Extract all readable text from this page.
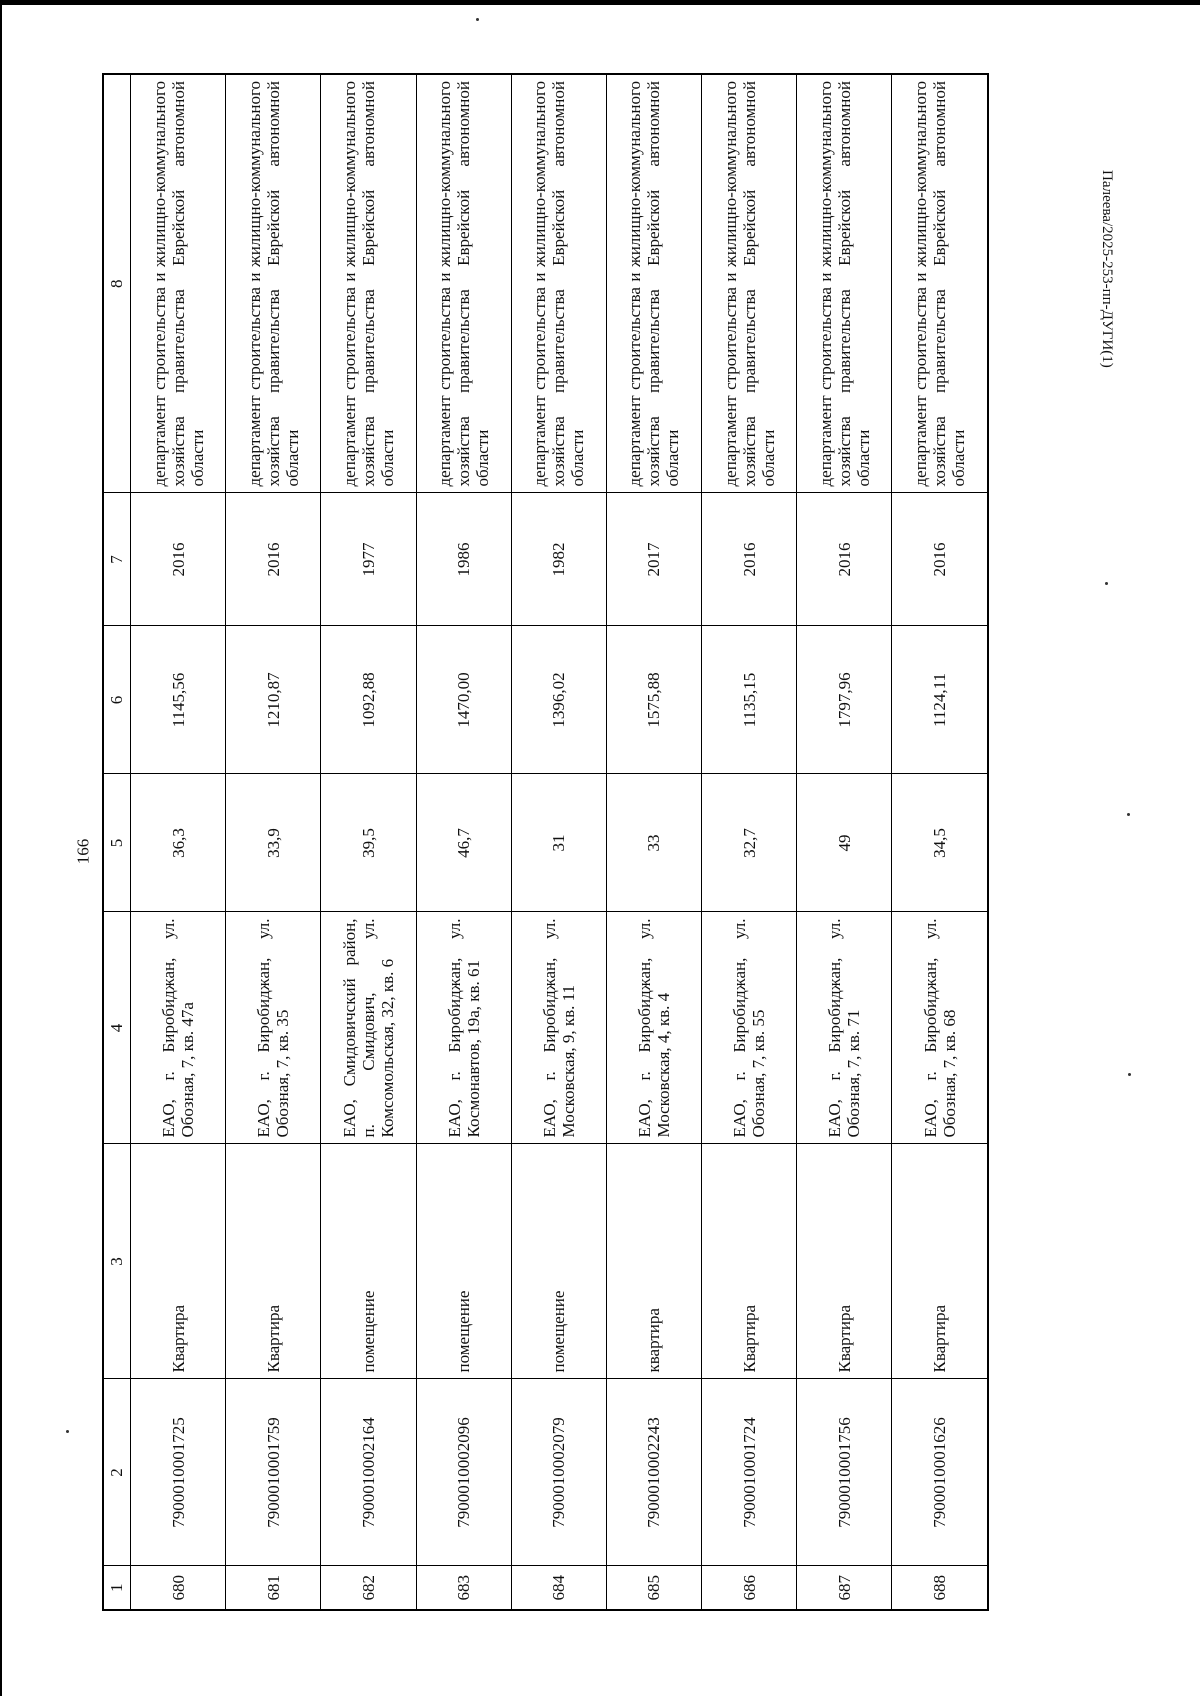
166
Палеева/2025-253-пп-ДУГИ(1)
1	2	3	4	5	6	7	8
680	7900010001725	Квартира	ЕАО, г. Биробиджан, ул. Обозная, 7, кв. 47а	36,3	1145,56	2016	департамент строительства и жилищно-коммунального хозяйства правительства Еврейской автономной области
681	7900010001759	Квартира	ЕАО, г. Биробиджан, ул. Обозная, 7, кв. 35	33,9	1210,87	2016	департамент строительства и жилищно-коммунального хозяйства правительства Еврейской автономной области
682	7900010002164	помещение	ЕАО, Смидовичский район, п. Смидович, ул. Комсомольская, 32, кв. 6	39,5	1092,88	1977	департамент строительства и жилищно-коммунального хозяйства правительства Еврейской автономной области
683	7900010002096	помещение	ЕАО, г. Биробиджан, ул. Космонавтов, 19а, кв. 61	46,7	1470,00	1986	департамент строительства и жилищно-коммунального хозяйства правительства Еврейской автономной области
684	7900010002079	помещение	ЕАО, г. Биробиджан, ул. Московская, 9, кв. 11	31	1396,02	1982	департамент строительства и жилищно-коммунального хозяйства правительства Еврейской автономной области
685	7900010002243	квартира	ЕАО, г. Биробиджан, ул. Московская, 4, кв. 4	33	1575,88	2017	департамент строительства и жилищно-коммунального хозяйства правительства Еврейской автономной области
686	7900010001724	Квартира	ЕАО, г. Биробиджан, ул. Обозная, 7, кв. 55	32,7	1135,15	2016	департамент строительства и жилищно-коммунального хозяйства правительства Еврейской автономной области
687	7900010001756	Квартира	ЕАО, г. Биробиджан, ул. Обозная, 7, кв. 71	49	1797,96	2016	департамент строительства и жилищно-коммунального хозяйства правительства Еврейской автономной области
688	7900010001626	Квартира	ЕАО, г. Биробиджан, ул. Обозная, 7, кв. 68	34,5	1124,11	2016	департамент строительства и жилищно-коммунального хозяйства правительства Еврейской автономной области
